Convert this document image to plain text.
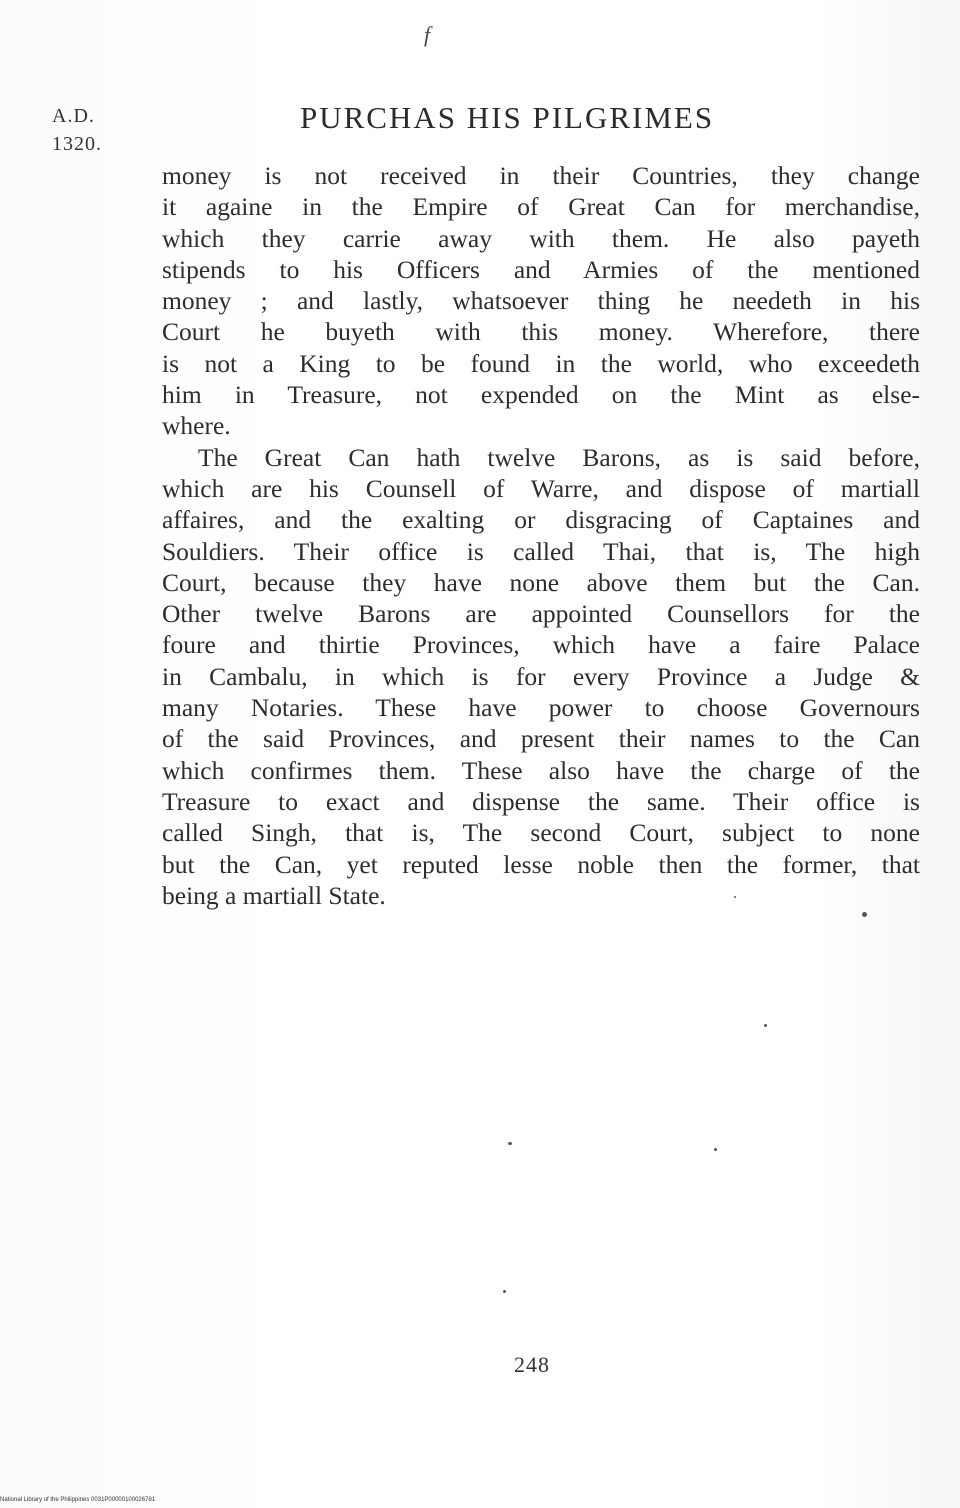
f
A.D.
1320.
PURCHAS HIS PILGRIMES
money is not received in their Countries, they change
it againe in the Empire of Great Can for merchandise,
which they carrie away with them. He also payeth
stipends to his Officers and Armies of the mentioned
money ; and lastly, whatsoever thing he needeth in his
Court he buyeth with this money. Wherefore, there
is not a King to be found in the world, who exceedeth
him in Treasure, not expended on the Mint as else-
where.
The Great Can hath twelve Barons, as is said before,
which are his Counsell of Warre, and dispose of martiall
affaires, and the exalting or disgracing of Captaines and
Souldiers. Their office is called Thai, that is, The high
Court, because they have none above them but the Can.
Other twelve Barons are appointed Counsellors for the
foure and thirtie Provinces, which have a faire Palace
in Cambalu, in which is for every Province a Judge &
many Notaries. These have power to choose Governours
of the said Provinces, and present their names to the Can
which confirmes them. These also have the charge of the
Treasure to exact and dispense the same. Their office is
called Singh, that is, The second Court, subject to none
but the Can, yet reputed lesse noble then the former, that
being a martiall State.
248
National Library of the Philippines 0031P00000100026781
